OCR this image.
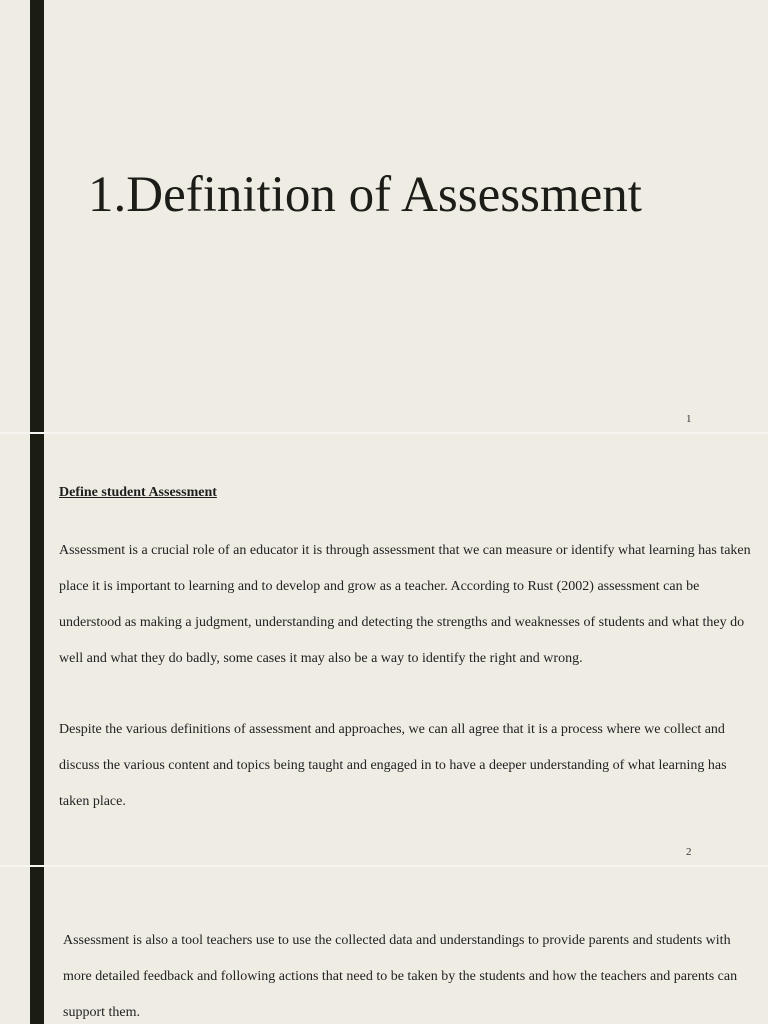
1.Definition of Assessment
1
Define student Assessment

Assessment is a crucial role of an educator it is through assessment that we can measure or identify what learning has taken place it is important to learning and to develop and grow as a teacher. According to Rust (2002) assessment can be understood as making a judgment, understanding and detecting the strengths and weaknesses of students and what they do well and what they do badly, some cases it may also be a way to identify the right and wrong.

Despite the various definitions of assessment and approaches, we can all agree that it is a process where we collect and discuss the various content and topics being taught and engaged in to have a deeper understanding of what learning has taken place.

2

Assessment is also a tool teachers use to use the collected data and understandings to provide parents and students with more detailed feedback and following actions that need to be taken by the students and how the teachers and parents can support them.
